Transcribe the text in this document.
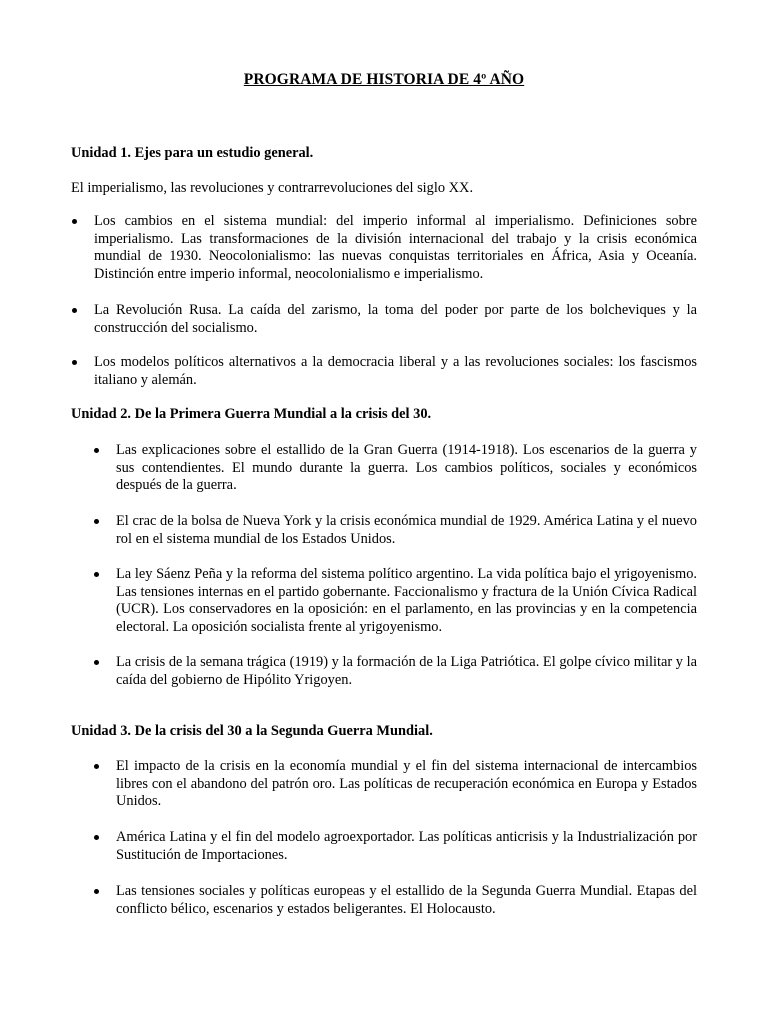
PROGRAMA DE HISTORIA DE 4º AÑO
Unidad 1. Ejes para un estudio general.
El imperialismo, las revoluciones y contrarrevoluciones del siglo XX.
Los cambios en el sistema mundial: del imperio informal al imperialismo. Definiciones sobre imperialismo. Las transformaciones de la división internacional del trabajo y la crisis económica mundial de 1930. Neocolonialismo: las nuevas conquistas territoriales en África, Asia y Oceanía. Distinción entre imperio informal, neocolonialismo e imperialismo.
La Revolución Rusa. La caída del zarismo, la toma del poder por parte de los bolcheviques y la construcción del socialismo.
Los modelos políticos alternativos a la democracia liberal y a las revoluciones sociales: los fascismos italiano y alemán.
Unidad 2. De la Primera Guerra Mundial a la crisis del 30.
Las explicaciones sobre el estallido de la Gran Guerra (1914-1918). Los escenarios de la guerra y sus contendientes. El mundo durante la guerra. Los cambios políticos, sociales y económicos después de la guerra.
El crac de la bolsa de Nueva York y la crisis económica mundial de 1929. América Latina y el nuevo rol en el sistema mundial de los Estados Unidos.
La ley Sáenz Peña y la reforma del sistema político argentino. La vida política bajo el yrigoyenismo. Las tensiones internas en el partido gobernante. Faccionalismo y fractura de la Unión Cívica Radical (UCR). Los conservadores en la oposición: en el parlamento, en las provincias y en la competencia electoral. La oposición socialista frente al yrigoyenismo.
La crisis de la semana trágica (1919) y la formación de la Liga Patriótica. El golpe cívico militar y la caída del gobierno de Hipólito Yrigoyen.
Unidad 3. De la crisis del 30 a la Segunda Guerra Mundial.
El impacto de la crisis en la economía mundial y el fin del sistema internacional de intercambios libres con el abandono del patrón oro. Las políticas de recuperación económica en Europa y Estados Unidos.
América Latina y el fin del modelo agroexportador. Las políticas anticrisis y la Industrialización por Sustitución de Importaciones.
Las tensiones sociales y políticas europeas y el estallido de la Segunda Guerra Mundial. Etapas del conflicto bélico, escenarios y estados beligerantes. El Holocausto.
